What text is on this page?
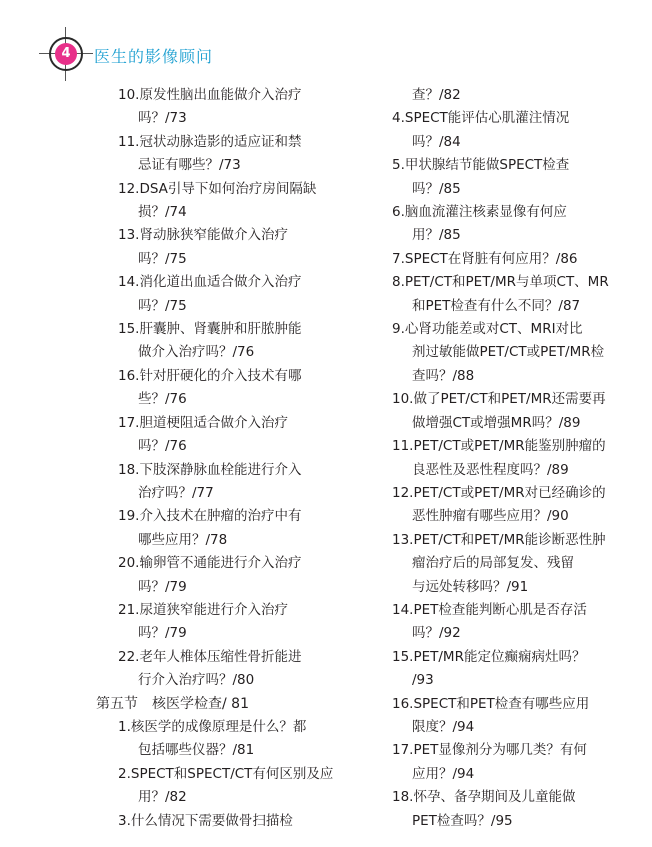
4	医生的影像顾问
10.原发性脑出血能做介入治疗
吗？/73
11.冠状动脉造影的适应证和禁
忌证有哪些？/73
12.DSA引导下如何治疗房间隔缺
损？/74
13.肾动脉狭窄能做介入治疗
吗？/75
14.消化道出血适合做介入治疗
吗？/75
15.肝囊肿、肾囊肿和肝脓肿能
做介入治疗吗？/76
16.针对肝硬化的介入技术有哪
些？/76
17.胆道梗阻适合做介入治疗
吗？/76
18.下肢深静脉血栓能进行介入
治疗吗？/77
19.介入技术在肿瘤的治疗中有
哪些应用？/78
20.输卵管不通能进行介入治疗
吗？/79
21.尿道狭窄能进行介入治疗
吗？/79
22.老年人椎体压缩性骨折能进
行介入治疗吗？/80
第五节　核医学检查/ 81
1.核医学的成像原理是什么？都
包括哪些仪器？/81
2.SPECT和SPECT/CT有何区别及应
用？/82
3.什么情况下需要做骨扫描检
查？/82
4.SPECT能评估心肌灌注情况
吗？/84
5.甲状腺结节能做SPECT检查
吗？/85
6.脑血流灌注核素显像有何应
用？/85
7.SPECT在肾脏有何应用？/86
8.PET/CT和PET/MR与单项CT、MR
和PET检查有什么不同？/87
9.心肾功能差或对CT、MRI对比
剂过敏能做PET/CT或PET/MR检
查吗？/88
10.做了PET/CT和PET/MR还需要再
做增强CT或增强MR吗？/89
11.PET/CT或PET/MR能鉴别肿瘤的
良恶性及恶性程度吗？/89
12.PET/CT或PET/MR对已经确诊的
恶性肿瘤有哪些应用？/90
13.PET/CT和PET/MR能诊断恶性肿
瘤治疗后的局部复发、残留
与远处转移吗？/91
14.PET检查能判断心肌是否存活
吗？/92
15.PET/MR能定位癫痫病灶吗？
/93
16.SPECT和PET检查有哪些应用
限度？/94
17.PET显像剂分为哪几类？有何
应用？/94
18.怀孕、备孕期间及儿童能做
PET检查吗？/95
